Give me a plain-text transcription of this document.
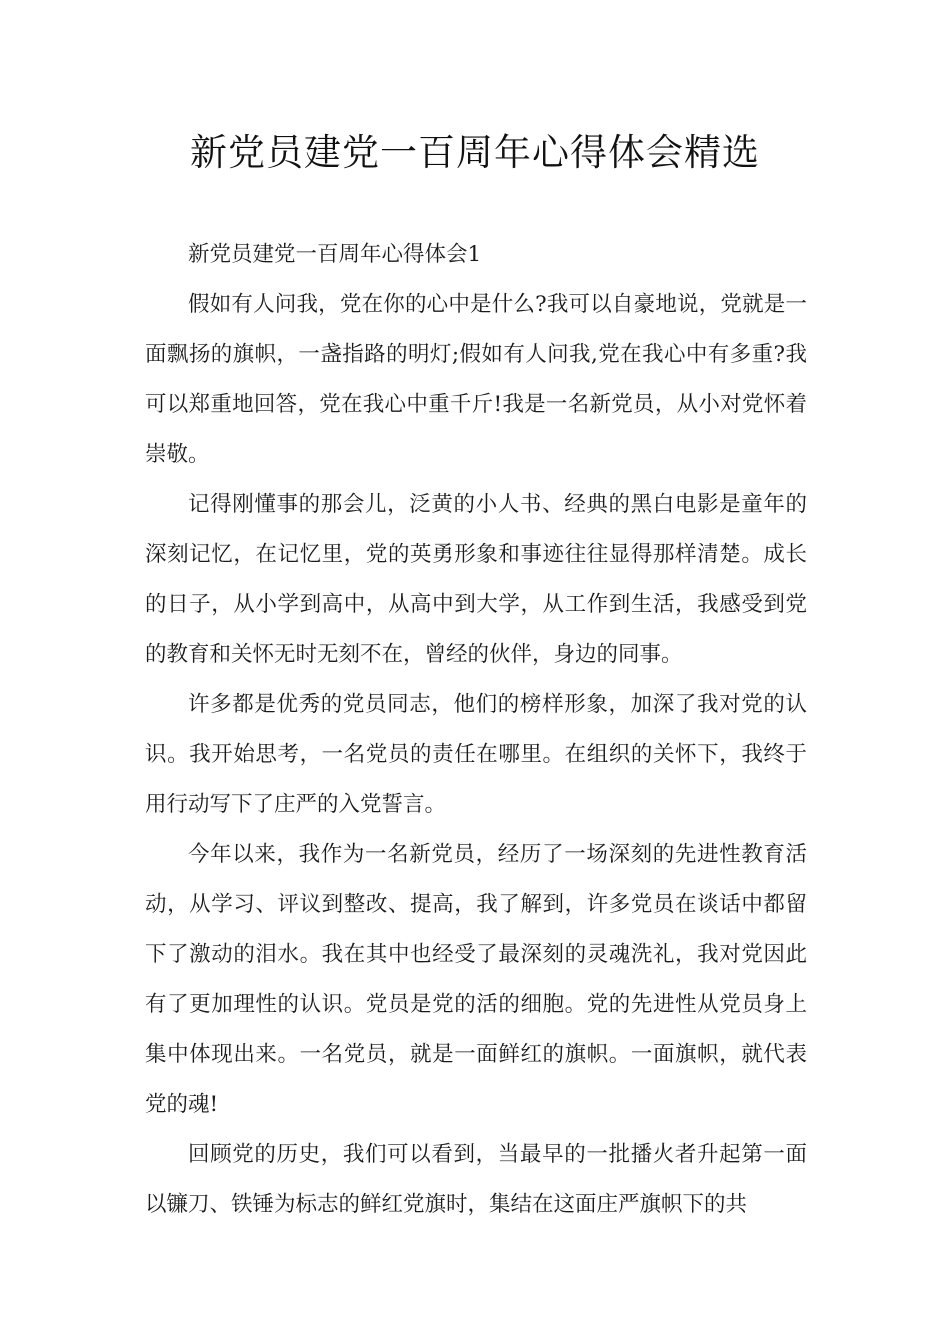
新党员建党一百周年心得体会精选

新党员建党一百周年心得体会1

假如有人问我，党在你的心中是什么?我可以自豪地说，党就是一面飘扬的旗帜，一盏指路的明灯;假如有人问我,党在我心中有多重?我可以郑重地回答，党在我心中重千斤!我是一名新党员，从小对党怀着崇敬。

记得刚懂事的那会儿，泛黄的小人书、经典的黑白电影是童年的深刻记忆，在记忆里，党的英勇形象和事迹往往显得那样清楚。成长的日子，从小学到高中，从高中到大学，从工作到生活，我感受到党的教育和关怀无时无刻不在，曾经的伙伴，身边的同事。

许多都是优秀的党员同志，他们的榜样形象，加深了我对党的认识。我开始思考，一名党员的责任在哪里。在组织的关怀下，我终于用行动写下了庄严的入党誓言。

今年以来，我作为一名新党员，经历了一场深刻的先进性教育活动，从学习、评议到整改、提高，我了解到，许多党员在谈话中都留下了激动的泪水。我在其中也经受了最深刻的灵魂洗礼，我对党因此有了更加理性的认识。党员是党的活的细胞。党的先进性从党员身上集中体现出来。一名党员，就是一面鲜红的旗帜。一面旗帜，就代表党的魂!

回顾党的历史，我们可以看到，当最早的一批播火者升起第一面以镰刀、铁锤为标志的鲜红党旗时，集结在这面庄严旗帜下的共
